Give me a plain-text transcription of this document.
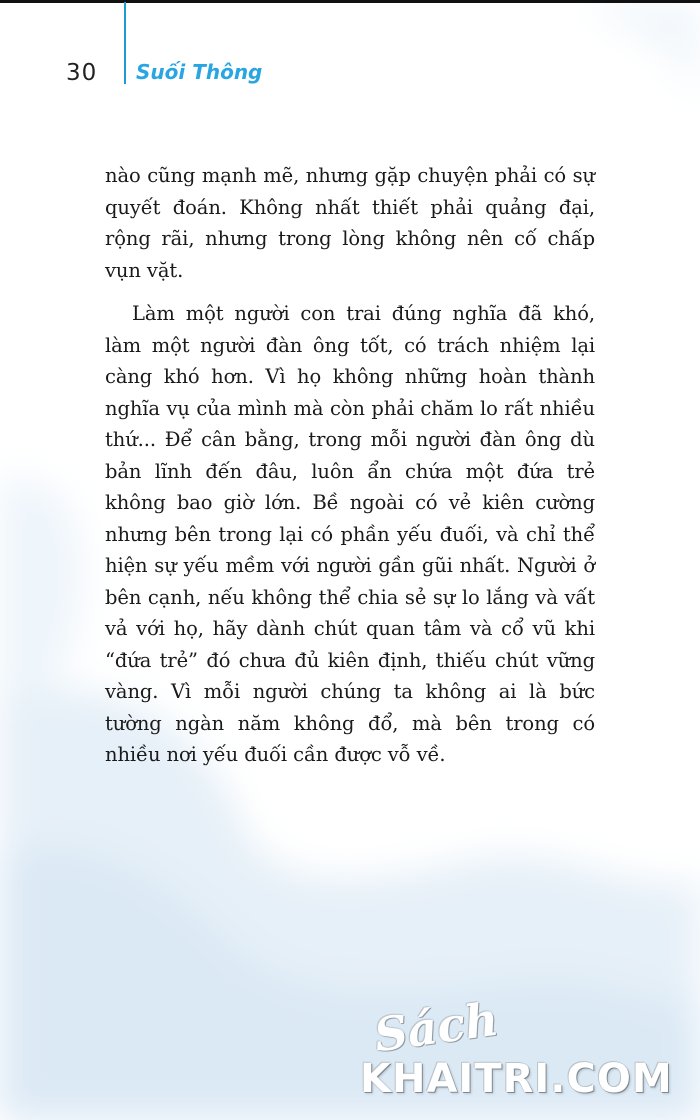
30 Suối Thông

nào cũng mạnh mẽ, nhưng gặp chuyện phải có sự quyết đoán. Không nhất thiết phải quảng đại, rộng rãi, nhưng trong lòng không nên cố chấp vụn vặt.

Làm một người con trai đúng nghĩa đã khó, làm một người đàn ông tốt, có trách nhiệm lại càng khó hơn. Vì họ không những hoàn thành nghĩa vụ của mình mà còn phải chăm lo rất nhiều thứ... Để cân bằng, trong mỗi người đàn ông dù bản lĩnh đến đâu, luôn ẩn chứa một đứa trẻ không bao giờ lớn. Bề ngoài có vẻ kiên cường nhưng bên trong lại có phần yếu đuối, và chỉ thể hiện sự yếu mềm với người gần gũi nhất. Người ở bên cạnh, nếu không thể chia sẻ sự lo lắng và vất vả với họ, hãy dành chút quan tâm và cổ vũ khi “đứa trẻ” đó chưa đủ kiên định, thiếu chút vững vàng. Vì mỗi người chúng ta không ai là bức tường ngàn năm không đổ, mà bên trong có nhiều nơi yếu đuối cần được vỗ về.

Sách
KHAITRI.COM
